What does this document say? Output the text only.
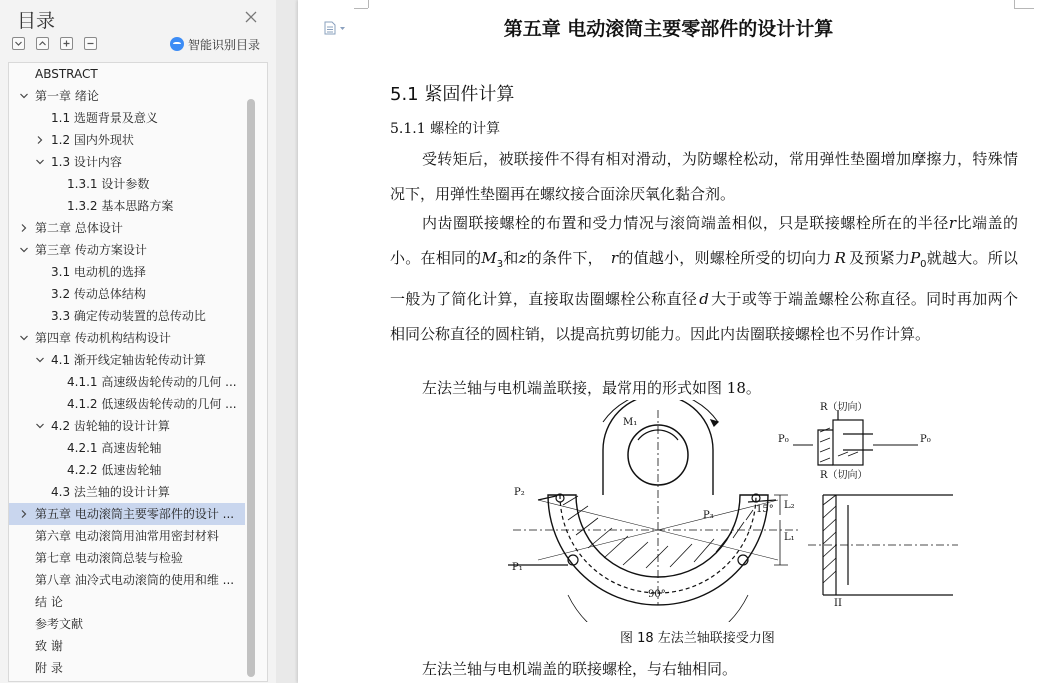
目录
智能识别目录
ABSTRACT
第一章 绪论
1.1 选题背景及意义
1.2 国内外现状
1.3 设计内容
1.3.1 设计参数
1.3.2 基本思路方案
第二章 总体设计
第三章 传动方案设计
3.1 电动机的选择
3.2 传动总体结构
3.3 确定传动装置的总传动比
第四章 传动机构结构设计
4.1 渐开线定轴齿轮传动计算
4.1.1 高速级齿轮传动的几何 ...
4.1.2 低速级齿轮传动的几何 ...
4.2 齿轮轴的设计计算
4.2.1 高速齿轮轴
4.2.2 低速齿轮轴
4.3 法兰轴的设计计算
第五章 电动滚筒主要零部件的设计 ...
第六章 电动滚筒用油常用密封材料
第七章 电动滚筒总装与检验
第八章 油冷式电动滚筒的使用和维 ...
结 论
参考文献
致 谢
附 录
第五章 电动滚筒主要零部件的设计计算
5.1 紧固件计算
5.1.1 螺栓的计算
受转矩后，被联接件不得有相对滑动，为防螺栓松动，常用弹性垫圈增加摩擦力，特殊情况下，用弹性垫圈再在螺纹接合面涂厌氧化黏合剂。
内齿圈联接螺栓的布置和受力情况与滚筒端盖相似，只是联接螺栓所在的半径r比端盖的小。在相同的$M_3$和z的条件下， r的值越小，则螺栓所受的切向力 R 及预紧力$P_0$就越大。所以一般为了简化计算，直接取齿圈螺栓公称直径 d 大于或等于端盖螺栓公称直径。同时再加两个相同公称直径的圆柱销，以提高抗剪切能力。因此内齿圈联接螺栓也不另作计算。
左法兰轴与电机端盖联接，最常用的形式如图 18。
M₁
P₂
P₃
P₁
15°
90°
L₂
L₁
R（切向）
R（切向）
P₀	P₀
II
图 18 左法兰轴联接受力图
左法兰轴与电机端盖的联接螺栓，与右轴相同。
